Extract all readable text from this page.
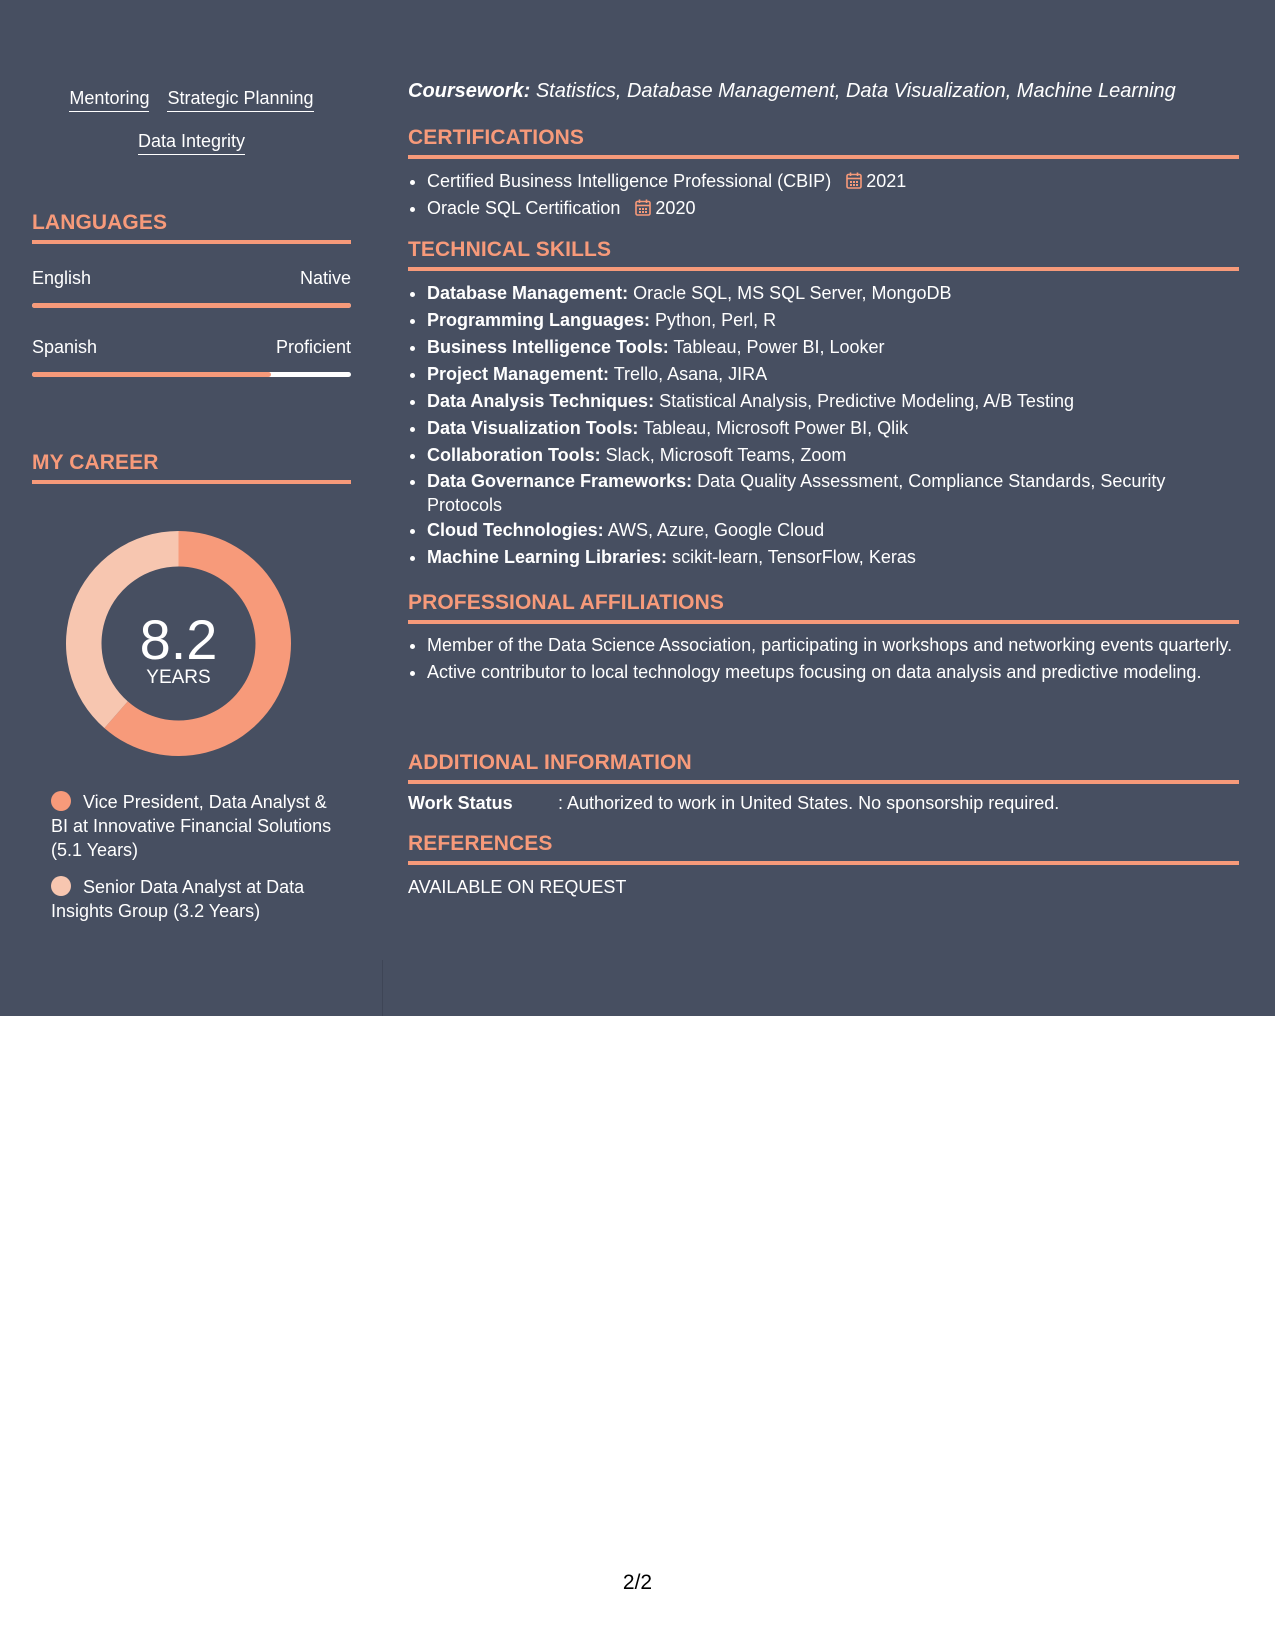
Mentoring Strategic Planning
Data Integrity
LANGUAGES
English	Native
Spanish	Proficient
MY CAREER
8.2
YEARS
Vice President, Data Analyst & BI at Innovative Financial Solutions (5.1 Years)
Senior Data Analyst at Data Insights Group (3.2 Years)
Coursework: Statistics, Database Management, Data Visualization, Machine Learning
CERTIFICATIONS
• Certified Business Intelligence Professional (CBIP) 2021
• Oracle SQL Certification 2020
TECHNICAL SKILLS
• Database Management: Oracle SQL, MS SQL Server, MongoDB
• Programming Languages: Python, Perl, R
• Business Intelligence Tools: Tableau, Power BI, Looker
• Project Management: Trello, Asana, JIRA
• Data Analysis Techniques: Statistical Analysis, Predictive Modeling, A/B Testing
• Data Visualization Tools: Tableau, Microsoft Power BI, Qlik
• Collaboration Tools: Slack, Microsoft Teams, Zoom
• Data Governance Frameworks: Data Quality Assessment, Compliance Standards, Security Protocols
• Cloud Technologies: AWS, Azure, Google Cloud
• Machine Learning Libraries: scikit-learn, TensorFlow, Keras
PROFESSIONAL AFFILIATIONS
• Member of the Data Science Association, participating in workshops and networking events quarterly.
• Active contributor to local technology meetups focusing on data analysis and predictive modeling.
ADDITIONAL INFORMATION
Work Status	: Authorized to work in United States. No sponsorship required.
REFERENCES
AVAILABLE ON REQUEST
2/2
